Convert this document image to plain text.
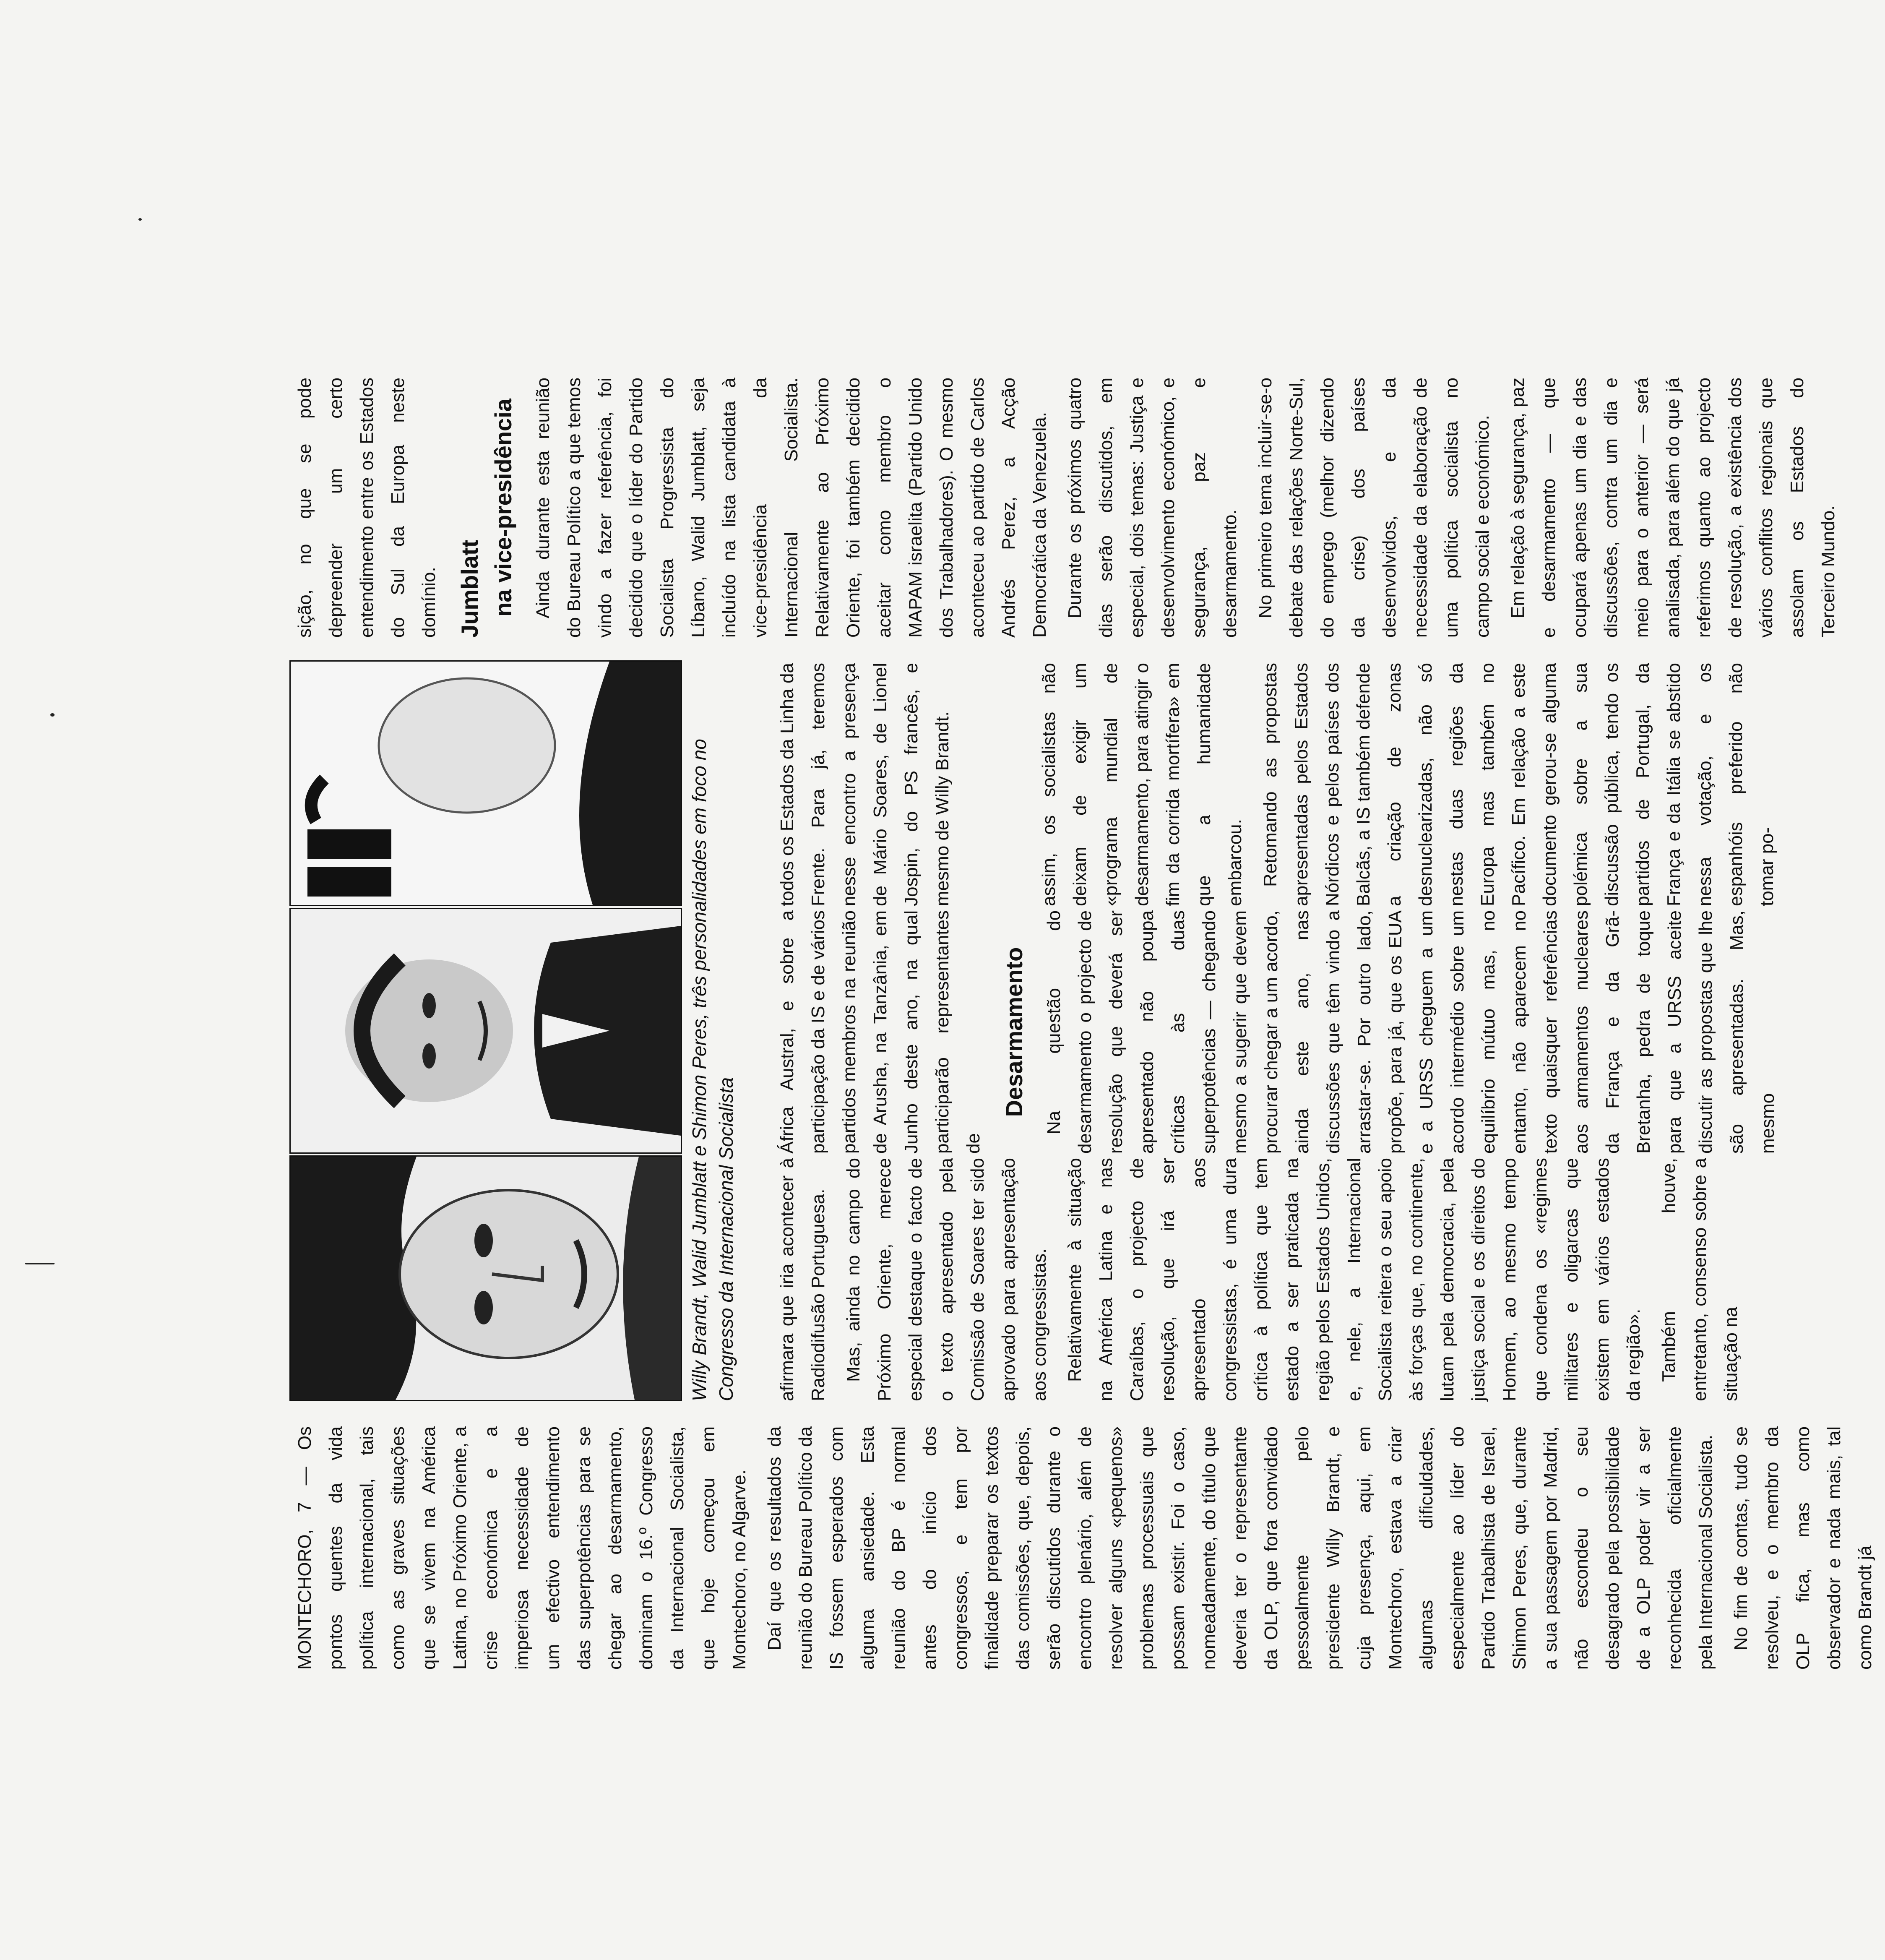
MONTECHORO, 7 — Os pontos quentes da vida política internacional, tais como as graves situações que se vivem na América Latina, no Próximo Oriente, a crise económica e a imperiosa necessidade de um efectivo entendimento das superpotências para se chegar ao desarmamento, dominam o 16.º Congresso da Internacional Socialista, que hoje começou em Montechoro, no Algarve. Daí que os resultados da reunião do Bureau Político da IS fossem esperados com alguma ansiedade. Esta reunião do BP é normal antes do início dos congressos, e tem por finalidade preparar os textos das comissões, que, depois, serão discutidos durante o encontro plenário, além de resolver alguns «pequenos» problemas processuais que possam existir. Foi o caso, nomeadamente, do título que deveria ter o representante da OLP, que fora convidado pessoalmente pelo presidente Willy Brandt, e cuja presença, aqui, em Montechoro, estava a criar algumas dificuldades, especialmente ao líder do Partido Trabalhista de Israel, Shimon Peres, que, durante a sua passagem por Madrid, não escondeu o seu desagrado pela possibilidade de a OLP poder vir a ser reconhecida oficialmente pela Internacional Socialista. No fim de contas, tudo se resolveu, e o membro da OLP fica, mas como observador e nada mais, tal como Brandt já

Willy Brandt, Walid Jumblatt e Shimon Peres, três personalidades em foco no Congresso da Internacional Socialista afirmara que iria acontecer à Radiodifusão Portuguesa. Mas, ainda no campo do Próximo Oriente, merece especial destaque o facto de o texto apresentado pela Comissão de Soares ter sido aprovado para apresentação aos congressistas. Relativamente à situação na América Latina e nas Caraíbas, o projecto de resolução, que irá ser apresentado aos congressistas, é uma dura crítica à política que tem estado a ser praticada na região pelos Estados Unidos, e, nele, a Internacional Socialista reitera o seu apoio às forças que, no continente, lutam pela democracia, pela justiça social e os direitos do Homem, ao mesmo tempo que condena os «regimes militares e oligarcas que existem em vários estados da região». Também houve, entretanto, consenso sobre a situação na

África Austral, e sobre a participação da IS e de vários partidos membros na reunião de Arusha, na Tanzânia, em Junho deste ano, na qual participarão representantes de

Desarmamento Na questão do desarmamento o projecto de resolução que deverá ser apresentado não poupa críticas às duas superpotências — chegando mesmo a sugerir que devem procurar chegar a um acordo, ainda este ano, nas discussões que têm vindo a arrastar-se. Por outro lado, propõe, para já, que os EUA e a URSS cheguem a um acordo intermédio sobre um equilíbrio mútuo mas, no entanto, não aparecem no texto quaisquer referências aos armamentos nucleares da França e da Grã-Bretanha, pedra de toque para que a URSS aceite discutir as propostas que lhe são apresentadas. Mas, mesmo

todos os Estados da Linha da Frente. Para já, teremos nesse encontro a presença de Mário Soares, de Lionel Jospin, do PS francês, e mesmo de Willy Brandt.	assim, os socialistas não deixam de exigir um «programa mundial de desarmamento, para atingir o fim da corrida mortífera» em que a humanidade embarcou. Retomando as propostas apresentadas pelos Estados Nórdicos e pelos países dos Balcãs, a IS também defende a criação de zonas desnuclearizadas, não só nestas duas regiões da Europa mas também no Pacífico. Em relação a este documento gerou-se alguma polémica sobre a sua discussão pública, tendo os partidos de Portugal, da França e da Itália se abstido nessa votação, e os espanhóis preferido não tomar po-

sição, no que se pode depreender um certo entendimento entre os Estados do Sul da Europa neste domínio. Jumblatt na vice-presidência Ainda durante esta reunião do Bureau Político a que temos vindo a fazer referência, foi decidido que o líder do Partido Socialista Progressista do Líbano, Walid Jumblatt, seja incluído na lista candidata à vice-presidência da Internacional Socialista. Relativamente ao Próximo Oriente, foi também decidido aceitar como membro o MAPAM israelita (Partido Unido dos Trabalhadores). O mesmo aconteceu ao partido de Carlos Andrés Perez, a Acção Democrática da Venezuela. Durante os próximos quatro dias serão discutidos, em especial, dois temas: Justiça e desenvolvimento económico, e segurança, paz e desarmamento. No primeiro tema incluir-se-o debate das relações Norte-Sul, do emprego (melhor dizendo da crise) dos países desenvolvidos, e da necessidade da elaboração de uma política socialista no campo social e económico. Em relação à segurança, paz e desarmamento — que ocupará apenas um dia e das discussões, contra um dia e meio para o anterior — será analisada, para além do que já referimos quanto ao projecto de resolução, a existência dos vários conflitos regionais que assolam os Estados do Terceiro Mundo.
